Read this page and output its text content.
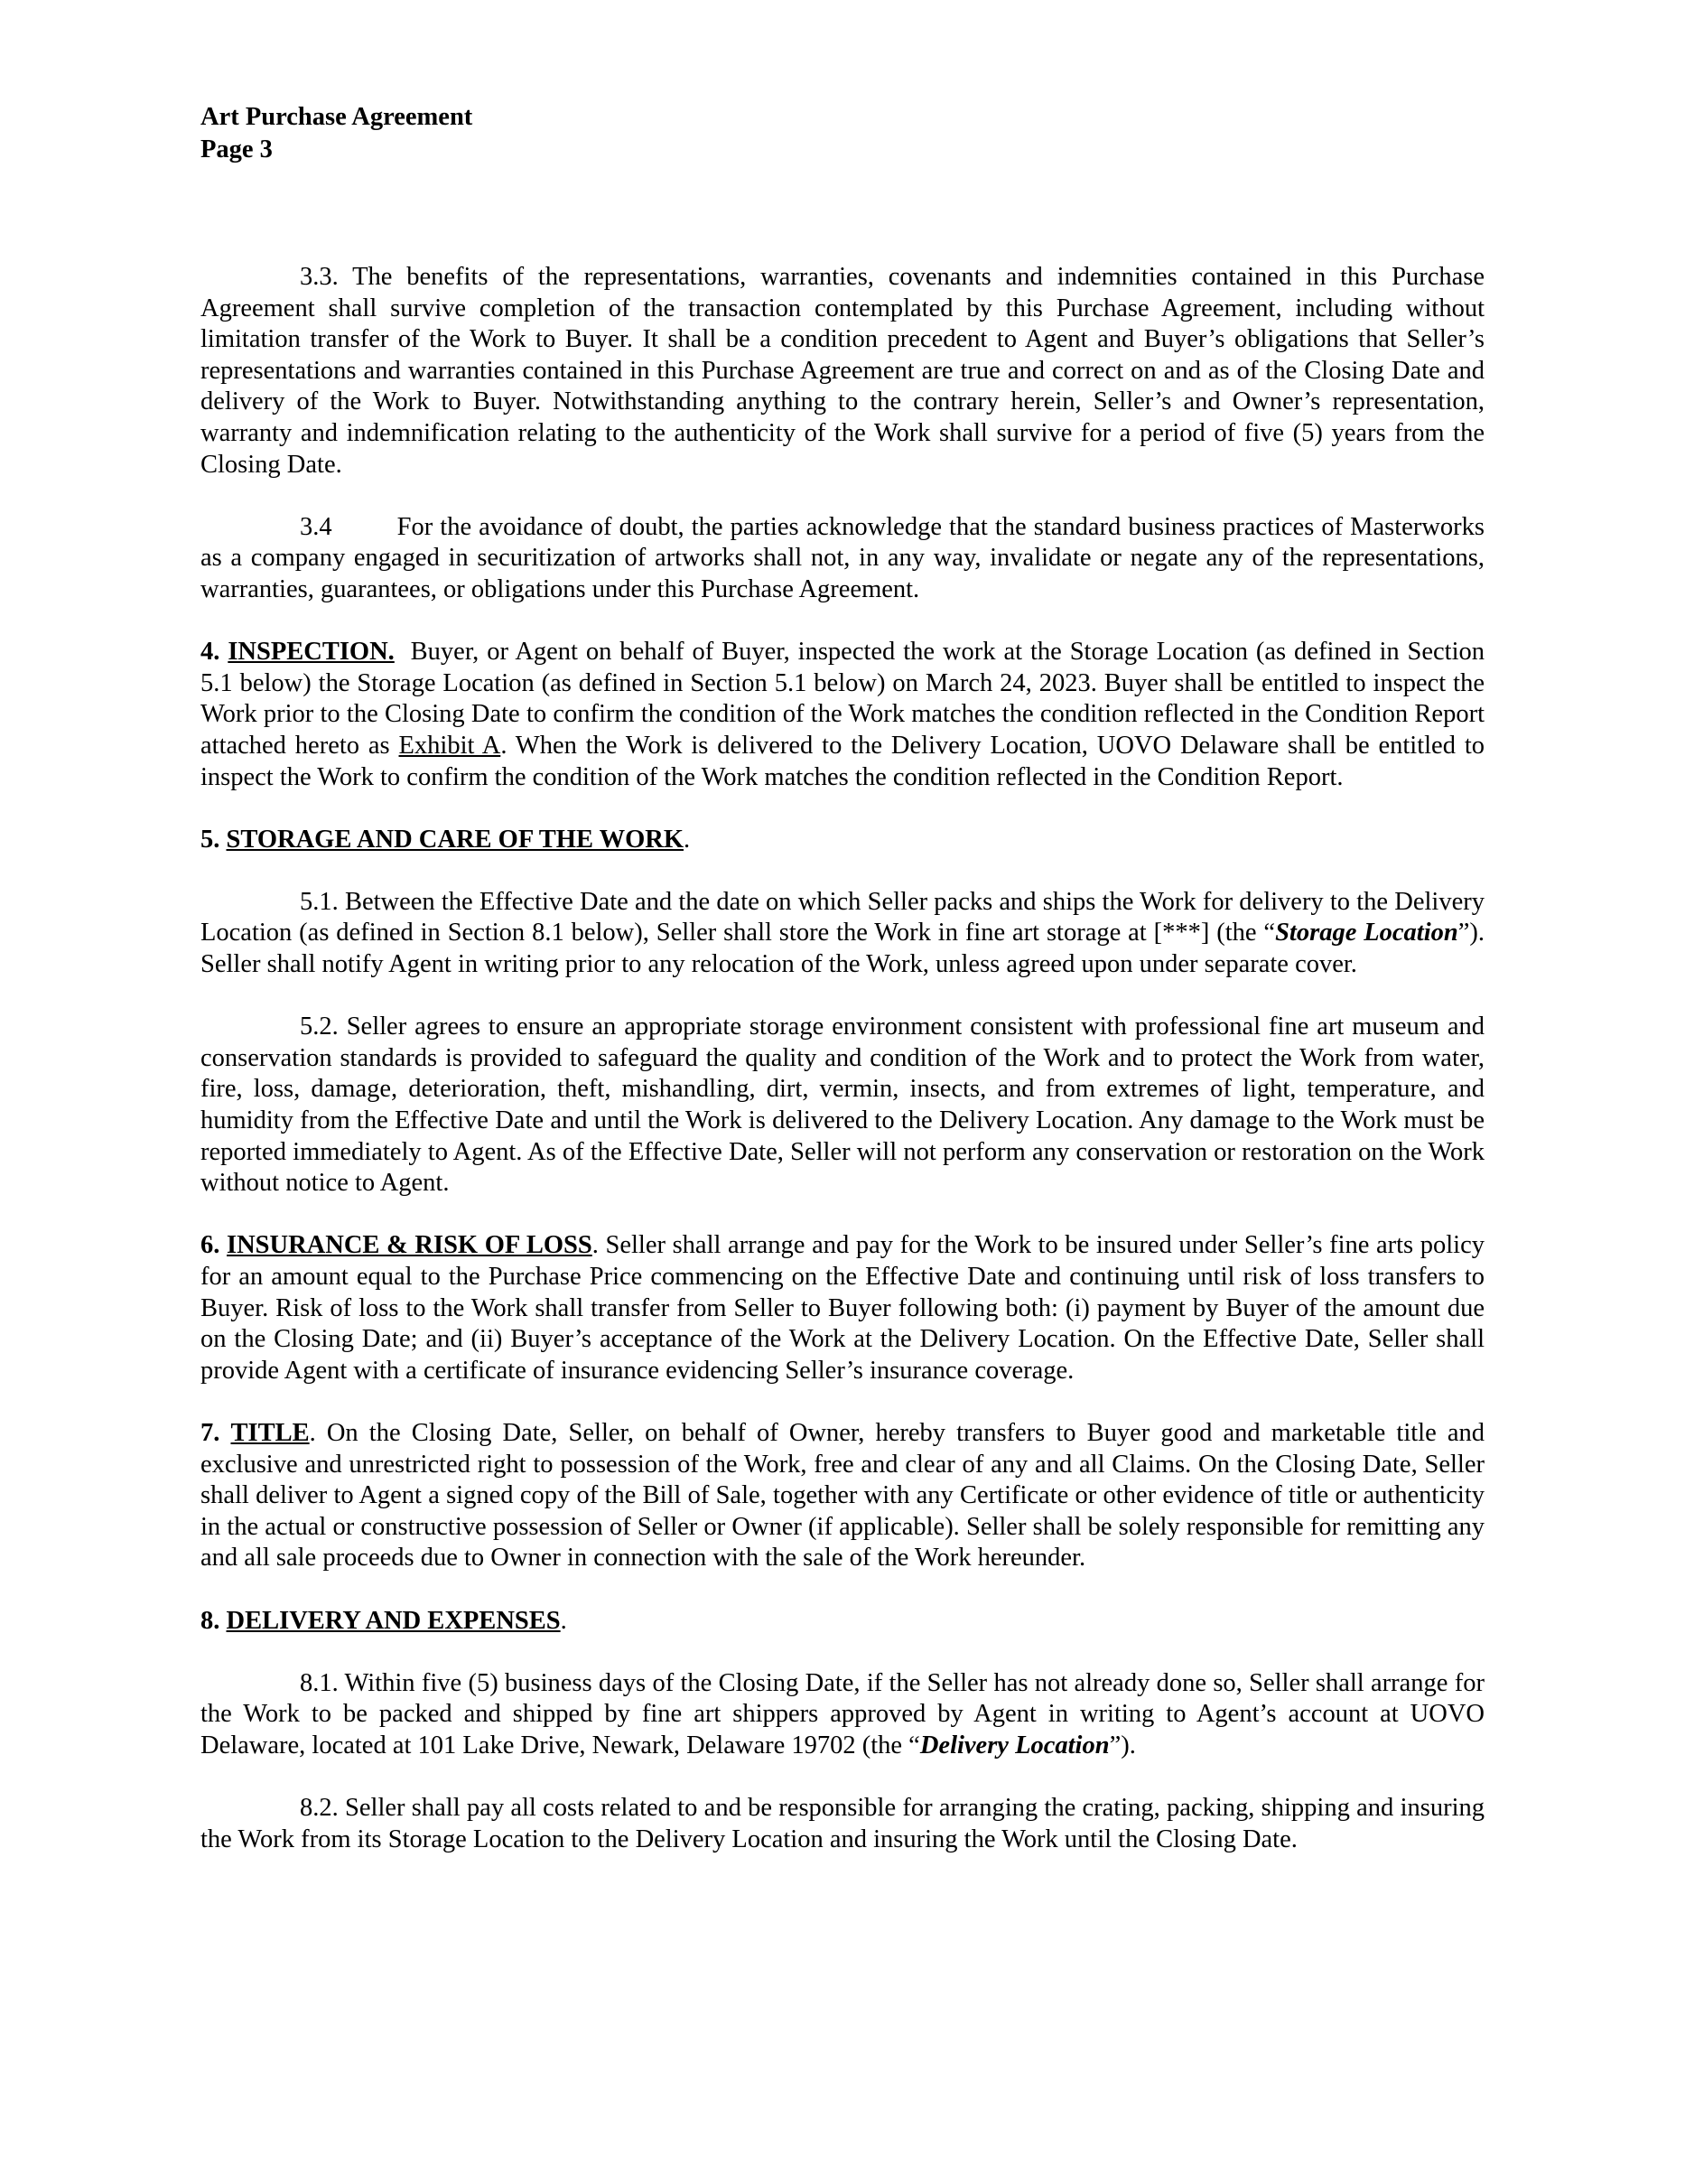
Art Purchase Agreement
Page 3

3.3. The benefits of the representations, warranties, covenants and indemnities contained in this Purchase Agreement shall survive completion of the transaction contemplated by this Purchase Agreement, including without limitation transfer of the Work to Buyer. It shall be a condition precedent to Agent and Buyer’s obligations that Seller’s representations and warranties contained in this Purchase Agreement are true and correct on and as of the Closing Date and delivery of the Work to Buyer. Notwithstanding anything to the contrary herein, Seller’s and Owner’s representation, warranty and indemnification relating to the authenticity of the Work shall survive for a period of five (5) years from the Closing Date.

3.4	For the avoidance of doubt, the parties acknowledge that the standard business practices of Masterworks as a company engaged in securitization of artworks shall not, in any way, invalidate or negate any of the representations, warranties, guarantees, or obligations under this Purchase Agreement.

4. INSPECTION. Buyer, or Agent on behalf of Buyer, inspected the work at the Storage Location (as defined in Section 5.1 below) the Storage Location (as defined in Section 5.1 below) on March 24, 2023. Buyer shall be entitled to inspect the Work prior to the Closing Date to confirm the condition of the Work matches the condition reflected in the Condition Report attached hereto as Exhibit A. When the Work is delivered to the Delivery Location, UOVO Delaware shall be entitled to inspect the Work to confirm the condition of the Work matches the condition reflected in the Condition Report.

5. STORAGE AND CARE OF THE WORK.

5.1. Between the Effective Date and the date on which Seller packs and ships the Work for delivery to the Delivery Location (as defined in Section 8.1 below), Seller shall store the Work in fine art storage at [***] (the “Storage Location”). Seller shall notify Agent in writing prior to any relocation of the Work, unless agreed upon under separate cover.

5.2. Seller agrees to ensure an appropriate storage environment consistent with professional fine art museum and conservation standards is provided to safeguard the quality and condition of the Work and to protect the Work from water, fire, loss, damage, deterioration, theft, mishandling, dirt, vermin, insects, and from extremes of light, temperature, and humidity from the Effective Date and until the Work is delivered to the Delivery Location. Any damage to the Work must be reported immediately to Agent. As of the Effective Date, Seller will not perform any conservation or restoration on the Work without notice to Agent.

6. INSURANCE & RISK OF LOSS. Seller shall arrange and pay for the Work to be insured under Seller’s fine arts policy for an amount equal to the Purchase Price commencing on the Effective Date and continuing until risk of loss transfers to Buyer. Risk of loss to the Work shall transfer from Seller to Buyer following both: (i) payment by Buyer of the amount due on the Closing Date; and (ii) Buyer’s acceptance of the Work at the Delivery Location. On the Effective Date, Seller shall provide Agent with a certificate of insurance evidencing Seller’s insurance coverage.

7. TITLE. On the Closing Date, Seller, on behalf of Owner, hereby transfers to Buyer good and marketable title and exclusive and unrestricted right to possession of the Work, free and clear of any and all Claims. On the Closing Date, Seller shall deliver to Agent a signed copy of the Bill of Sale, together with any Certificate or other evidence of title or authenticity in the actual or constructive possession of Seller or Owner (if applicable). Seller shall be solely responsible for remitting any and all sale proceeds due to Owner in connection with the sale of the Work hereunder.

8. DELIVERY AND EXPENSES.

8.1. Within five (5) business days of the Closing Date, if the Seller has not already done so, Seller shall arrange for the Work to be packed and shipped by fine art shippers approved by Agent in writing to Agent’s account at UOVO Delaware, located at 101 Lake Drive, Newark, Delaware 19702 (the “Delivery Location”).

8.2. Seller shall pay all costs related to and be responsible for arranging the crating, packing, shipping and insuring the Work from its Storage Location to the Delivery Location and insuring the Work until the Closing Date.
